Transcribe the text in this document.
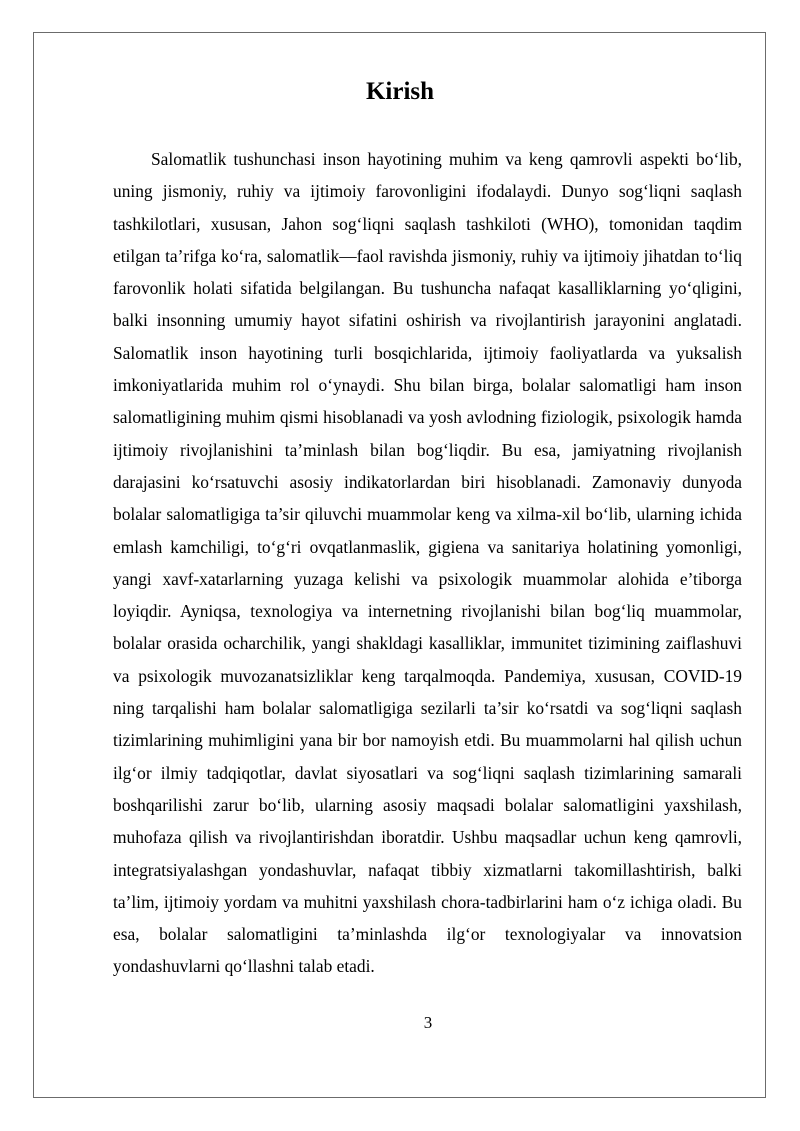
Kirish

Salomatlik tushunchasi inson hayotining muhim va keng qamrovli aspekti bo‘lib, uning jismoniy, ruhiy va ijtimoiy farovonligini ifodalaydi. Dunyo sog‘liqni saqlash tashkilotlari, xususan, Jahon sog‘liqni saqlash tashkiloti (WHO), tomonidan taqdim etilgan ta’rifga ko‘ra, salomatlik—faol ravishda jismoniy, ruhiy va ijtimoiy jihatdan to‘liq farovonlik holati sifatida belgilangan. Bu tushuncha nafaqat kasalliklarning yo‘qligini, balki insonning umumiy hayot sifatini oshirish va rivojlantirish jarayonini anglatadi. Salomatlik inson hayotining turli bosqichlarida, ijtimoiy faoliyatlarda va yuksalish imkoniyatlarida muhim rol o‘ynaydi. Shu bilan birga, bolalar salomatligi ham inson salomatligining muhim qismi hisoblanadi va yosh avlodning fiziologik, psixologik hamda ijtimoiy rivojlanishini ta’minlash bilan bog‘liqdir. Bu esa, jamiyatning rivojlanish darajasini ko‘rsatuvchi asosiy indikatorlardan biri hisoblanadi. Zamonaviy dunyoda bolalar salomatligiga ta’sir qiluvchi muammolar keng va xilma-xil bo‘lib, ularning ichida emlash kamchiligi, to‘g‘ri ovqatlanmaslik, gigiena va sanitariya holatining yomonligi, yangi xavf-xatarlarning yuzaga kelishi va psixologik muammolar alohida e’tiborga loyiqdir. Ayniqsa, texnologiya va internetning rivojlanishi bilan bog‘liq muammolar, bolalar orasida ocharchilik, yangi shakldagi kasalliklar, immunitet tizimining zaiflashuvi va psixologik muvozanatsizliklar keng tarqalmoqda. Pandemiya, xususan, COVID-19 ning tarqalishi ham bolalar salomatligiga sezilarli ta’sir ko‘rsatdi va sog‘liqni saqlash tizimlarining muhimligini yana bir bor namoyish etdi. Bu muammolarni hal qilish uchun ilg‘or ilmiy tadqiqotlar, davlat siyosatlari va sog‘liqni saqlash tizimlarining samarali boshqarilishi zarur bo‘lib, ularning asosiy maqsadi bolalar salomatligini yaxshilash, muhofaza qilish va rivojlantirishdan iboratdir. Ushbu maqsadlar uchun keng qamrovli, integratsiyalashgan yondashuvlar, nafaqat tibbiy xizmatlarni takomillashtirish, balki ta’lim, ijtimoiy yordam va muhitni yaxshilash chora-tadbirlarini ham o‘z ichiga oladi. Bu esa, bolalar salomatligini ta’minlashda ilg‘or texnologiyalar va innovatsion yondashuvlarni qo‘llashni talab etadi.

3
